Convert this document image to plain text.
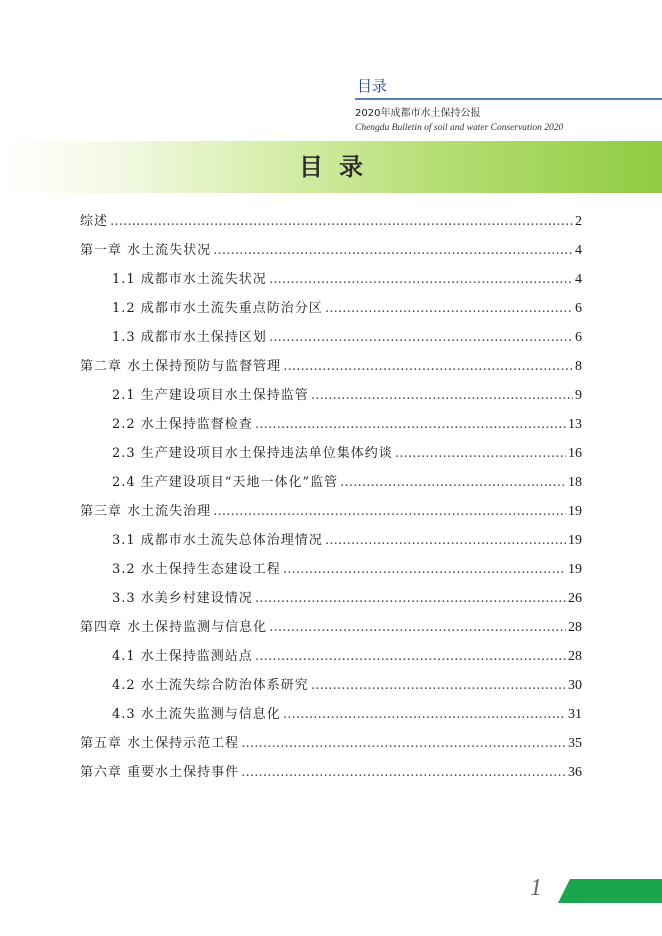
目录
2020年成都市水土保持公报
Chengdu Bulletin of soil and water Conservation 2020
目录
综述 ……………………………………………………………………………………………………………………………………	2
第一章 水土流失状况 ……………………………………………………………………………………………………………………………………	4
1.1 成都市水土流失状况 ……………………………………………………………………………………………………………………………………	4
1.2 成都市水土流失重点防治分区 ……………………………………………………………………………………………………………………………………	6
1.3 成都市水土保持区划 ……………………………………………………………………………………………………………………………………	6
第二章 水土保持预防与监督管理 ……………………………………………………………………………………………………………………………………	8
2.1 生产建设项目水土保持监管 ……………………………………………………………………………………………………………………………………	9
2.2 水土保持监督检查 ……………………………………………………………………………………………………………………………………	13
2.3 生产建设项目水土保持违法单位集体约谈 ……………………………………………………………………………………………………………………………………	16
2.4 生产建设项目“天地一体化”监管 ……………………………………………………………………………………………………………………………………	18
第三章 水土流失治理 ……………………………………………………………………………………………………………………………………	19
3.1 成都市水土流失总体治理情况 ……………………………………………………………………………………………………………………………………	19
3.2 水土保持生态建设工程 ……………………………………………………………………………………………………………………………………	19
3.3 水美乡村建设情况 ……………………………………………………………………………………………………………………………………	26
第四章 水土保持监测与信息化 ……………………………………………………………………………………………………………………………………	28
4.1 水土保持监测站点 ……………………………………………………………………………………………………………………………………	28
4.2 水土流失综合防治体系研究 ……………………………………………………………………………………………………………………………………	30
4.3 水土流失监测与信息化 ……………………………………………………………………………………………………………………………………	31
第五章 水土保持示范工程 ……………………………………………………………………………………………………………………………………	35
第六章 重要水土保持事件 ……………………………………………………………………………………………………………………………………	36
1
